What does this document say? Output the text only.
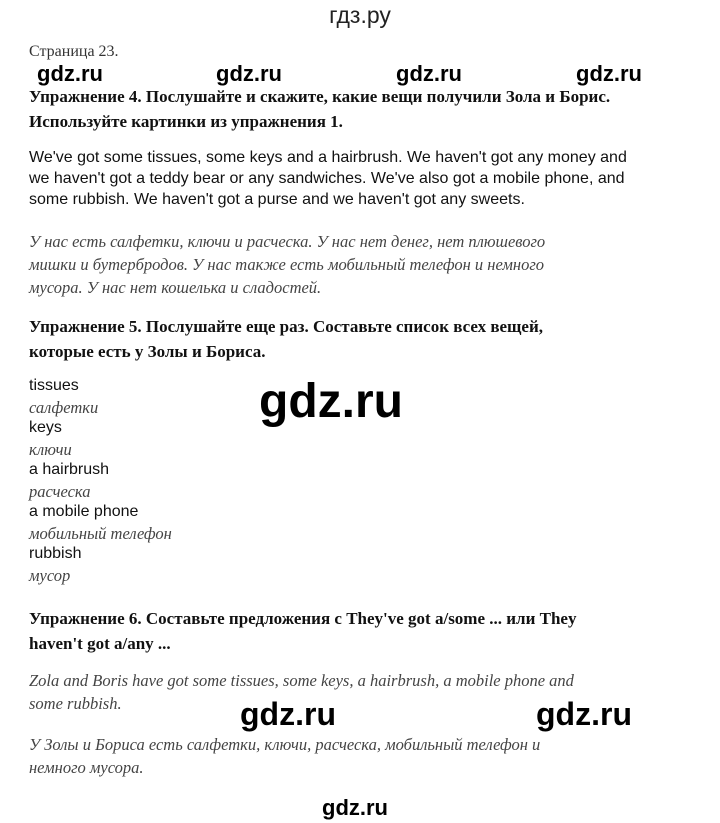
гдз.ру
Страница 23.
gdz.ru	gdz.ru	gdz.ru	gdz.ru
Упражнение 4. Послушайте и скажите, какие вещи получили Зола и Борис.
Используйте картинки из упражнения 1.
We've got some tissues, some keys and a hairbrush. We haven't got any money and
we haven't got a teddy bear or any sandwiches. We've also got a mobile phone, and
some rubbish. We haven't got a purse and we haven't got any sweets.
У нас есть салфетки, ключи и расческа. У нас нет денег, нет плюшевого
мишки и бутербродов. У нас также есть мобильный телефон и немного
мусора. У нас нет кошелька и сладостей.
Упражнение 5. Послушайте еще раз. Составьте список всех вещей,
которые есть у Золы и Бориса.
tissues
салфетки
keys
ключи
a hairbrush
расческа
a mobile phone
мобильный телефон
rubbish
мусор
gdz.ru
Упражнение 6. Составьте предложения с They've got a/some ... или They
haven't got a/any ...
Zola and Boris have got some tissues, some keys, a hairbrush, a mobile phone and
some rubbish.	gdz.ru	gdz.ru
У Золы и Бориса есть салфетки, ключи, расческа, мобильный телефон и
немного мусора.
gdz.ru
